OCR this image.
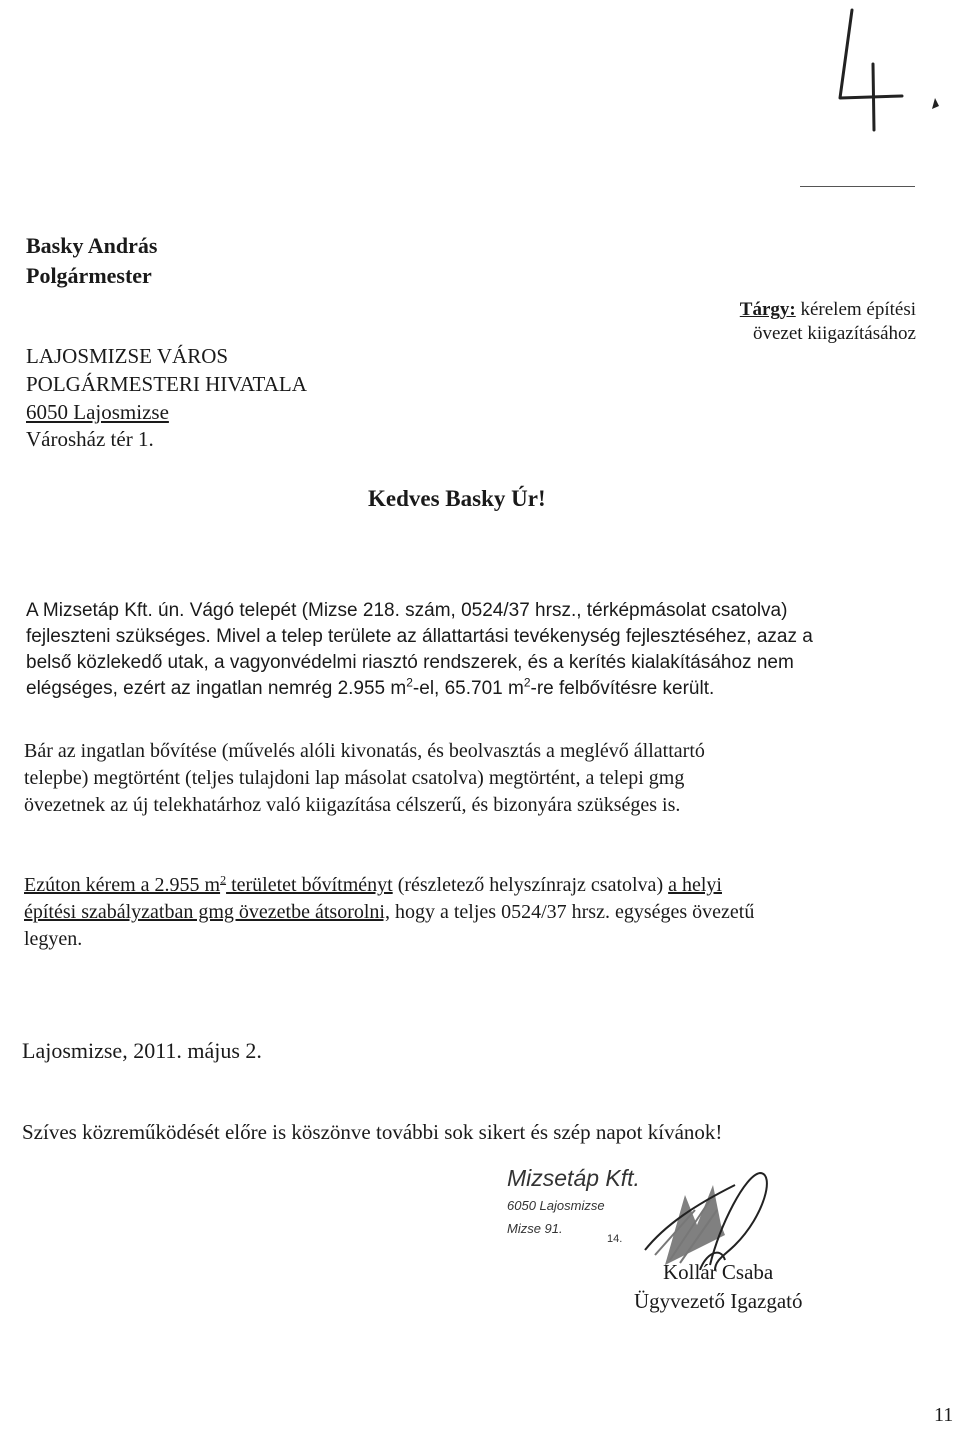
Basky András
Polgármester
LAJOSMIZSE VÁROS
POLGÁRMESTERI HIVATALA
6050 Lajosmizse
Városház tér 1.
Tárgy: kérelem építési
övezet kiigazításához
Kedves Basky Úr!
A Mizsetáp Kft. ún. Vágó telepét (Mizse 218. szám, 0524/37 hrsz., térképmásolat csatolva)
fejleszteni szükséges. Mivel a telep területe az állattartási tevékenység fejlesztéséhez, azaz a
belső közlekedő utak, a vagyonvédelmi riasztó rendszerek, és a kerítés kialakításához nem
elégséges, ezért az ingatlan nemrég 2.955 $m^2-el$, 65.701 $m^2-re$ felbővítésre került.
Bár az ingatlan bővítése (művelés alóli kivonatás, és beolvasztás a meglévő állattartó
telepbe) megtörtént (teljes tulajdoni lap másolat csatolva) megtörtént, a telepi gmg
övezetnek az új telekhatárhoz való kiigazítása célszerű, és bizonyára szükséges is.
Ezúton kérem a 2.955 $m^2$ területet bővítményt (részletező helyszínrajz csatolva) a helyi
építési szabályzatban gmg övezetbe átsorolni, hogy a teljes 0524/37 hrsz. egységes övezetű
legyen.
Lajosmizse, 2011. május 2.
Szíves közreműködését előre is köszönve további sok sikert és szép napot kívánok!
Mizsetáp Kft.
6050 Lajosmizse
Mizse 91.
14.
Kollár Csaba
Ügyvezető Igazgató
11
